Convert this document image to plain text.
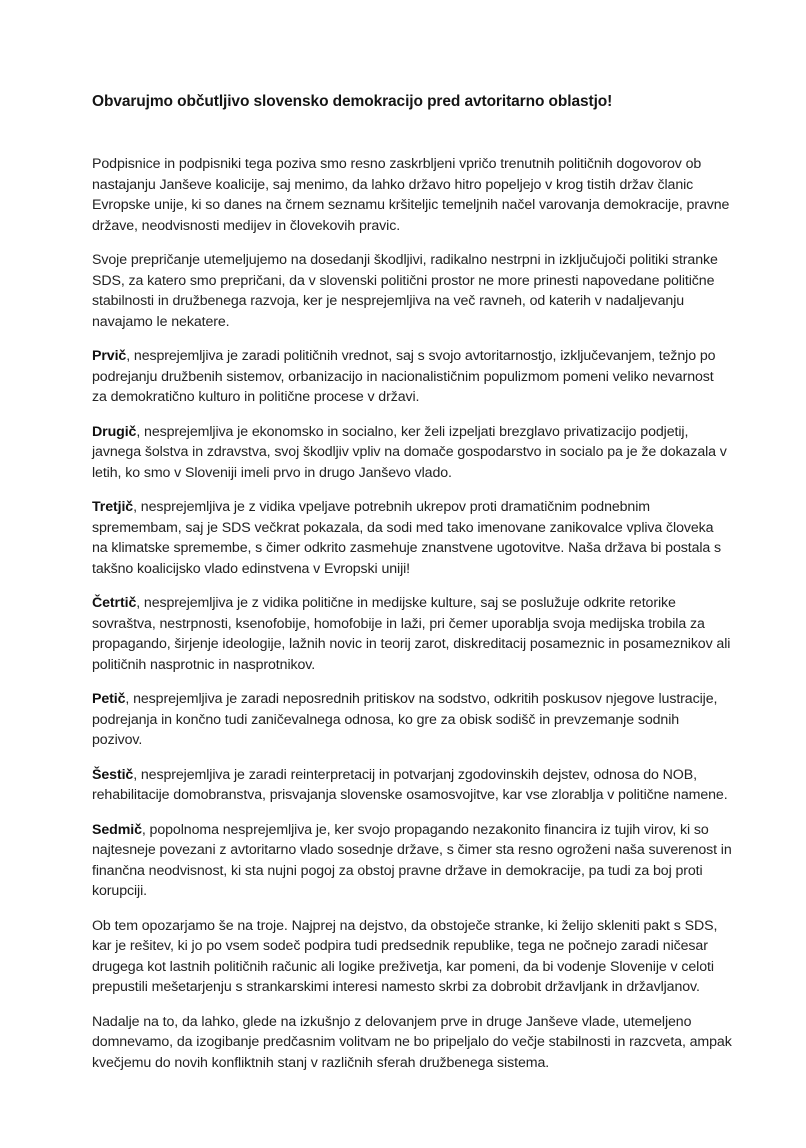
Obvarujmo občutljivo slovensko demokracijo pred avtoritarno oblastjo!

Podpisnice in podpisniki tega poziva smo resno zaskrbljeni vpričo trenutnih političnih dogovorov ob nastajanju Janševe koalicije, saj menimo, da lahko državo hitro popeljejo v krog tistih držav članic Evropske unije, ki so danes na črnem seznamu kršiteljic temeljnih načel varovanja demokracije, pravne države, neodvisnosti medijev in človekovih pravic.

Svoje prepričanje utemeljujemo na dosedanji škodljivi, radikalno nestrpni in izključujoči politiki stranke SDS, za katero smo prepričani, da v slovenski politični prostor ne more prinesti napovedane politične stabilnosti in družbenega razvoja, ker je nesprejemljiva na več ravneh, od katerih v nadaljevanju navajamo le nekatere.

Prvič, nesprejemljiva je zaradi političnih vrednot, saj s svojo avtoritarnostjo, izključevanjem, težnjo po podrejanju družbenih sistemov, orbanizacijo in nacionalističnim populizmom pomeni veliko nevarnost za demokratično kulturo in politične procese v državi.

Drugič, nesprejemljiva je ekonomsko in socialno, ker želi izpeljati brezglavo privatizacijo podjetij, javnega šolstva in zdravstva, svoj škodljiv vpliv na domače gospodarstvo in socialo pa je že dokazala v letih, ko smo v Sloveniji imeli prvo in drugo Janševo vlado.

Tretjič, nesprejemljiva je z vidika vpeljave potrebnih ukrepov proti dramatičnim podnebnim spremembam, saj je SDS večkrat pokazala, da sodi med tako imenovane zanikovalce vpliva človeka na klimatske spremembe, s čimer odkrito zasmehuje znanstvene ugotovitve. Naša država bi postala s takšno koalicijsko vlado edinstvena v Evropski uniji!

Četrtič, nesprejemljiva je z vidika politične in medijske kulture, saj se poslužuje odkrite retorike sovraštva, nestrpnosti, ksenofobije, homofobije in laži, pri čemer uporablja svoja medijska trobila za propagando, širjenje ideologije, lažnih novic in teorij zarot, diskreditacij posameznic in posameznikov ali političnih nasprotnic in nasprotnikov.

Petič, nesprejemljiva je zaradi neposrednih pritiskov na sodstvo, odkritih poskusov njegove lustracije, podrejanja in končno tudi zaničevalnega odnosa, ko gre za obisk sodišč in prevzemanje sodnih pozivov.

Šestič, nesprejemljiva je zaradi reinterpretacij in potvarjanj zgodovinskih dejstev, odnosa do NOB, rehabilitacije domobranstva, prisvajanja slovenske osamosvojitve, kar vse zlorablja v politične namene.

Sedmič, popolnoma nesprejemljiva je, ker svojo propagando nezakonito financira iz tujih virov, ki so najtesneje povezani z avtoritarno vlado sosednje države, s čimer sta resno ogroženi naša suverenost in finančna neodvisnost, ki sta nujni pogoj za obstoj pravne države in demokracije, pa tudi za boj proti korupciji.

Ob tem opozarjamo še na troje. Najprej na dejstvo, da obstoječe stranke, ki želijo skleniti pakt s SDS, kar je rešitev, ki jo po vsem sodeč podpira tudi predsednik republike, tega ne počnejo zaradi ničesar drugega kot lastnih političnih računic ali logike preživetja, kar pomeni, da bi vodenje Slovenije v celoti prepustili mešetarjenju s strankarskimi interesi namesto skrbi za dobrobit državljank in državljanov.

Nadalje na to, da lahko, glede na izkušnjo z delovanjem prve in druge Janševe vlade, utemeljeno domnevamo, da izogibanje predčasnim volitvam ne bo pripeljalo do večje stabilnosti in razcveta, ampak kvečjemu do novih konfliktnih stanj v različnih sferah družbenega sistema.
